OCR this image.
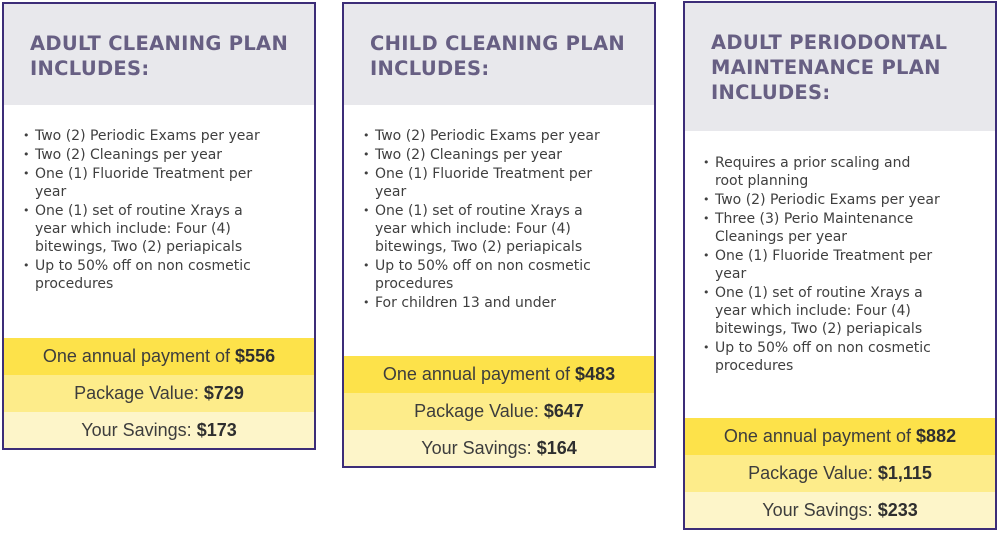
ADULT CLEANING PLAN
INCLUDES:
• Two (2) Periodic Exams per year
• Two (2) Cleanings per year
• One (1) Fluoride Treatment per year
• One (1) set of routine Xrays a year which include: Four (4) bitewings, Two (2) periapicals
• Up to 50% off on non cosmetic procedures
One annual payment of $556
Package Value: $729
Your Savings: $173
CHILD CLEANING PLAN
INCLUDES:
• Two (2) Periodic Exams per year
• Two (2) Cleanings per year
• One (1) Fluoride Treatment per year
• One (1) set of routine Xrays a year which include: Four (4) bitewings, Two (2) periapicals
• Up to 50% off on non cosmetic procedures
• For children 13 and under
One annual payment of $483
Package Value: $647
Your Savings: $164
ADULT PERIODONTAL
MAINTENANCE PLAN
INCLUDES:
• Requires a prior scaling and root planning
• Two (2) Periodic Exams per year
• Three (3) Perio Maintenance Cleanings per year
• One (1) Fluoride Treatment per year
• One (1) set of routine Xrays a year which include: Four (4) bitewings, Two (2) periapicals
• Up to 50% off on non cosmetic procedures
One annual payment of $882
Package Value: $1,115
Your Savings: $233
